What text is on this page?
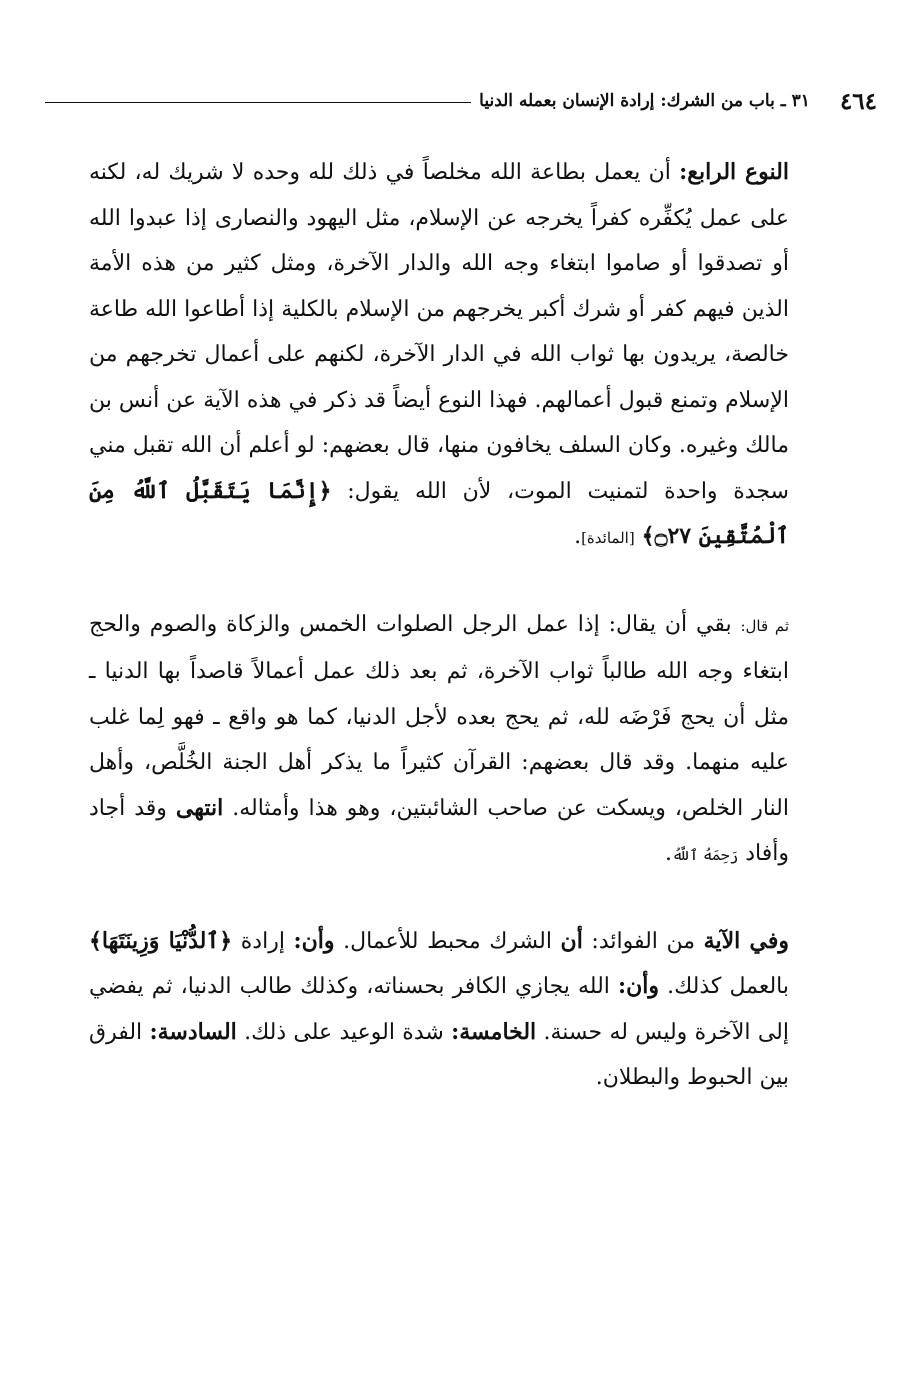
٤٦٤
٣١ ـ باب من الشرك: إرادة الإنسان بعمله الدنيا

النوع الرابع: أن يعمل بطاعة الله مخلصاً في ذلك لله وحده لا شريك له، لكنه على عمل يُكفِّره كفراً يخرجه عن الإسلام، مثل اليهود والنصارى إذا عبدوا الله أو تصدقوا أو صاموا ابتغاء وجه الله والدار الآخرة، ومثل كثير من هذه الأمة الذين فيهم كفر أو شرك أكبر يخرجهم من الإسلام بالكلية إذا أطاعوا الله طاعة خالصة، يريدون بها ثواب الله في الدار الآخرة، لكنهم على أعمال تخرجهم من الإسلام وتمنع قبول أعمالهم. فهذا النوع أيضاً قد ذكر في هذه الآية عن أنس بن مالك وغيره. وكان السلف يخافون منها، قال بعضهم: لو أعلم أن الله تقبل مني سجدة واحدة لتمنيت الموت، لأن الله يقول: ﴿إِنَّمَا يَتَقَبَّلُ ٱللَّهُ مِنَ ٱلْمُتَّقِينَ ۝٢٧﴾ [المائدة].

ثم قال: بقي أن يقال: إذا عمل الرجل الصلوات الخمس والزكاة والصوم والحج ابتغاء وجه الله طالباً ثواب الآخرة، ثم بعد ذلك عمل أعمالاً قاصداً بها الدنيا ـ مثل أن يحج فَرْضَه لله، ثم يحج بعده لأجل الدنيا، كما هو واقع ـ فهو لِما غلب عليه منهما. وقد قال بعضهم: القرآن كثيراً ما يذكر أهل الجنة الخُلَّص، وأهل النار الخلص، ويسكت عن صاحب الشائبتين، وهو هذا وأمثاله. انتهى وقد أجاد وأفاد رَحِمَهُ ٱللَّهُ.

وفي الآية من الفوائد: أن الشرك محبط للأعمال. وأن: إرادة ﴿ٱلدُّنْيَا وَزِينَتَهَا﴾ بالعمل كذلك. وأن: الله يجازي الكافر بحسناته، وكذلك طالب الدنيا، ثم يفضي إلى الآخرة وليس له حسنة. الخامسة: شدة الوعيد على ذلك. السادسة: الفرق بين الحبوط والبطلان.
